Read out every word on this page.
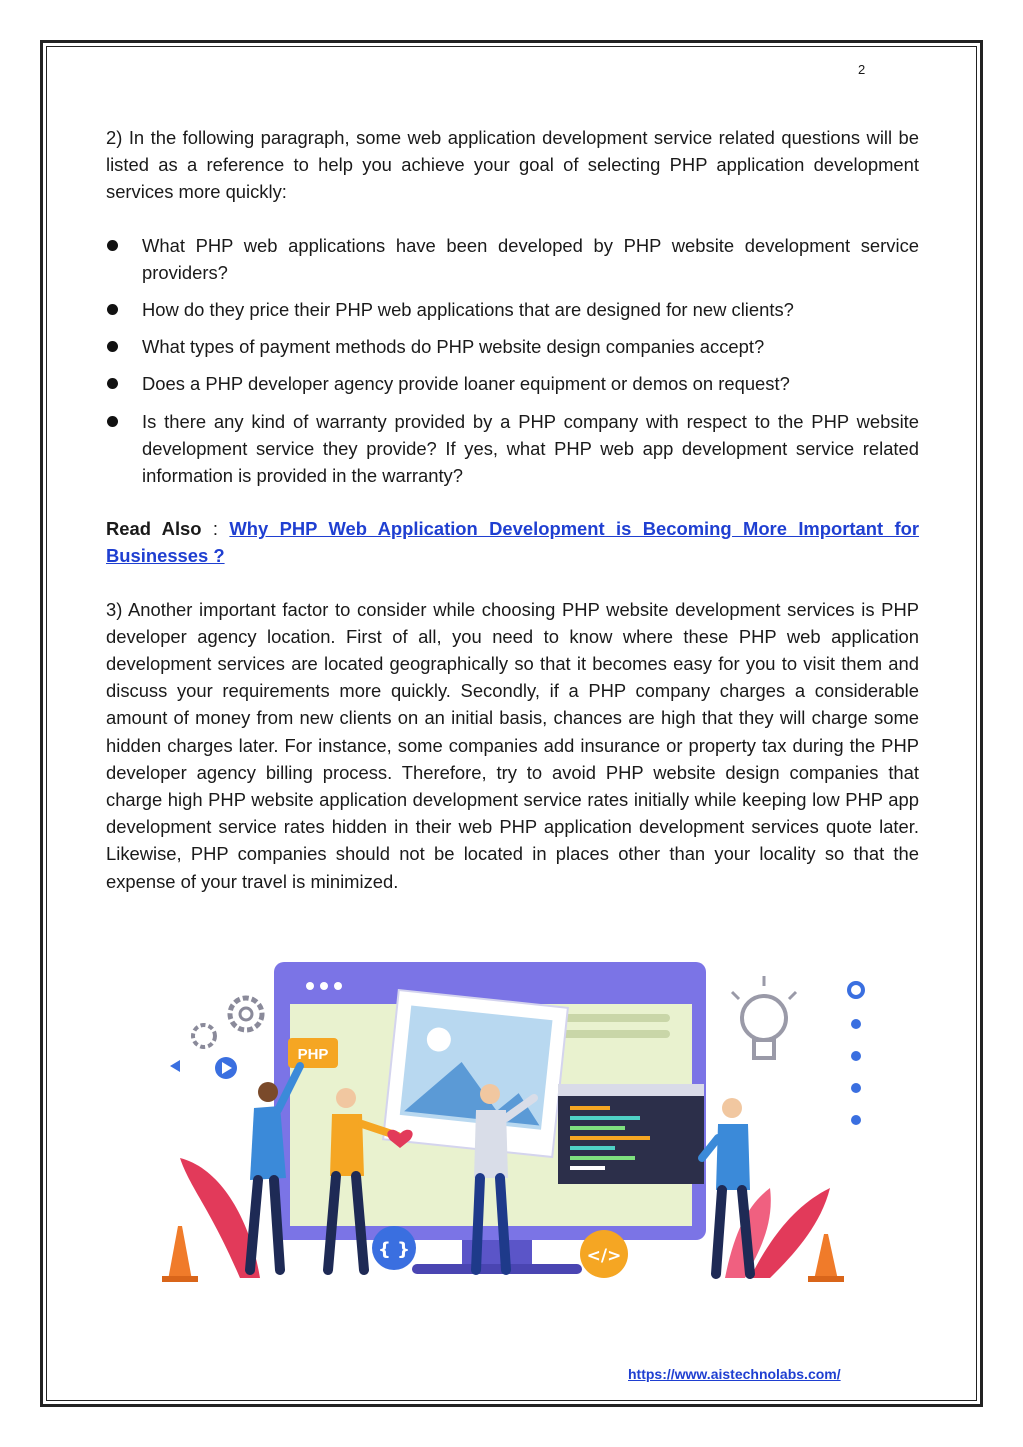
2

2) In the following paragraph, some web application development service related questions will be listed as a reference to help you achieve your goal of selecting PHP application development services more quickly:

What PHP web applications have been developed by PHP website development service providers?
How do they price their PHP web applications that are designed for new clients?
What types of payment methods do PHP website design companies accept?
Does a PHP developer agency provide loaner equipment or demos on request?
Is there any kind of warranty provided by a PHP company with respect to the PHP website development service they provide? If yes, what PHP web app development service related information is provided in the warranty?

Read Also : Why PHP Web Application Development is Becoming More Important for Businesses ?

3) Another important factor to consider while choosing PHP website development services is PHP developer agency location. First of all, you need to know where these PHP web application development services are located geographically so that it becomes easy for you to visit them and discuss your requirements more quickly. Secondly, if a PHP company charges a considerable amount of money from new clients on an initial basis, chances are high that they will charge some hidden charges later. For instance, some companies add insurance or property tax during the PHP developer agency billing process. Therefore, try to avoid PHP website design companies that charge high PHP website application development service rates initially while keeping low PHP app development service rates hidden in their web PHP application development services quote later. Likewise, PHP companies should not be located in places other than your locality so that the expense of your travel is minimized.

PHP
{ }	</>
https://www.aistechnolabs.com/
